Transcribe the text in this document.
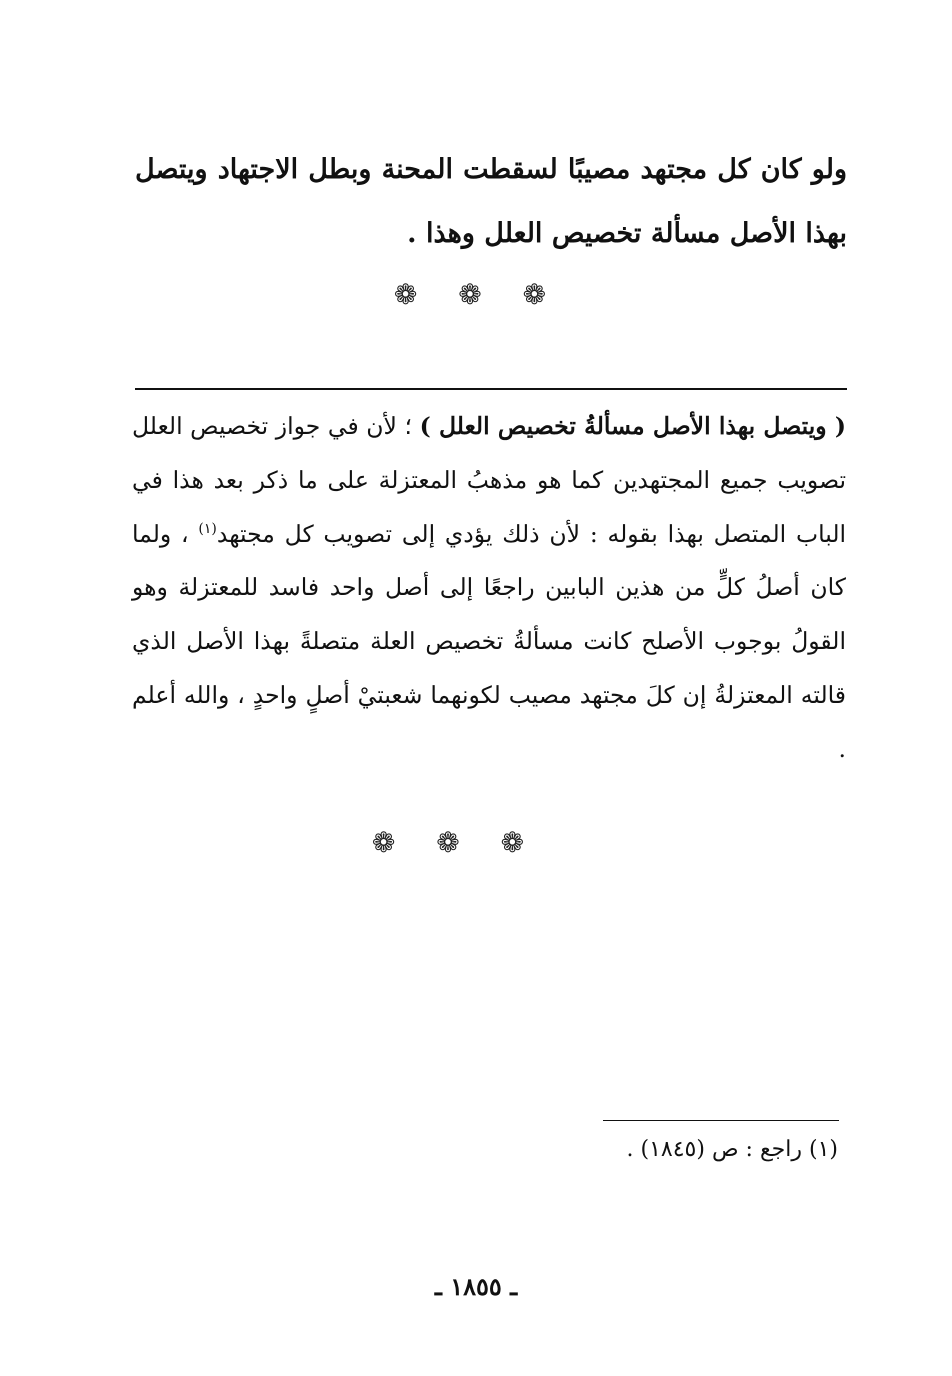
ولو كان كل مجتهد مصيبًا لسقطت المحنة وبطل الاجتهاد ويتصل بهذا الأصل مسألة تخصيص العلل وهذا .

❁ ❁ ❁

( ويتصل بهذا الأصل مسألةُ تخصيص العلل ) ؛ لأن في جواز تخصيص العلل تصويب جميع المجتهدين كما هو مذهبُ المعتزلة على ما ذكر بعد هذا في الباب المتصل بهذا بقوله : لأن ذلك يؤدي إلى تصويب كل مجتهد$^{(١)}$ ، ولما كان أصلُ كلٍّ من هذين البابين راجعًا إلى أصل واحد فاسد للمعتزلة وهو القولُ بوجوب الأصلح كانت مسألةُ تخصيص العلة متصلةً بهذا الأصل الذي قالته المعتزلةُ إن كلَ مجتهد مصيب لكونهما شعبتيْ أصلٍ واحدٍ ، والله أعلم .

❁ ❁ ❁
(١) راجع : ص (١٨٤٥) .
ـ ١٨٥٥ ـ
